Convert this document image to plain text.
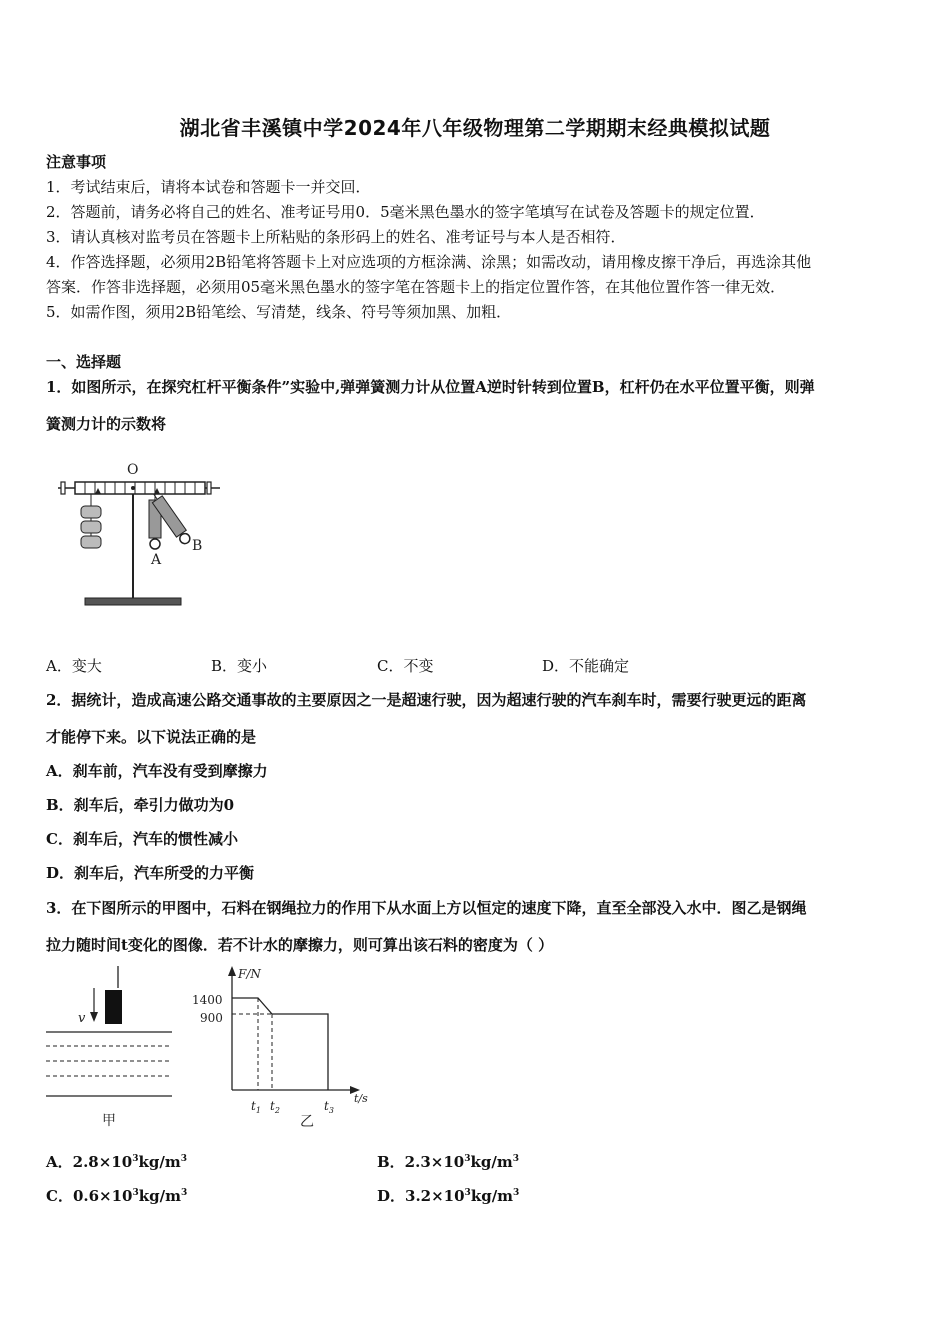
湖北省丰溪镇中学2024年八年级物理第二学期期末经典模拟试题
注意事项
1．考试结束后，请将本试卷和答题卡一并交回．
2．答题前，请务必将自己的姓名、准考证号用0．5毫米黑色墨水的签字笔填写在试卷及答题卡的规定位置．
3．请认真核对监考员在答题卡上所粘贴的条形码上的姓名、准考证号与本人是否相符．
4．作答选择题，必须用2B铅笔将答题卡上对应选项的方框涂满、涂黑；如需改动，请用橡皮擦干净后，再选涂其他
答案．作答非选择题，必须用05毫米黑色墨水的签字笔在答题卡上的指定位置作答，在其他位置作答一律无效．
5．如需作图，须用2B铅笔绘、写清楚，线条、符号等须加黑、加粗．
一、选择题
1．如图所示，在探究杠杆平衡条件”实验中,弹弹簧测力计从位置A逆时针转到位置B，杠杆仍在水平位置平衡，则弹
簧测力计的示数将
O
A
B
A．变大	B．变小	C．不变	D．不能确定
2．据统计，造成高速公路交通事故的主要原因之一是超速行驶，因为超速行驶的汽车刹车时，需要行驶更远的距离
才能停下来。以下说法正确的是
A．刹车前，汽车没有受到摩擦力
B．刹车后，牵引力做功为0
C．刹车后，汽车的惯性减小
D．刹车后，汽车所受的力平衡
3．在下图所示的甲图中，石料在钢绳拉力的作用下从水面上方以恒定的速度下降，直至全部没入水中．图乙是钢绳
拉力随时间t变化的图像．若不计水的摩擦力，则可算出该石料的密度为（ ）
v
甲
F/N
t/s
1400
900
$t_1$ $t_2$	$t_3$
乙
A．$2.8\times 10^3kg/m^3$	B．$2.3\times 10^3kg/m^3$
C．$0.6\times 10^3kg/m^3$	D．$3.2\times 10^3kg/m^3$
